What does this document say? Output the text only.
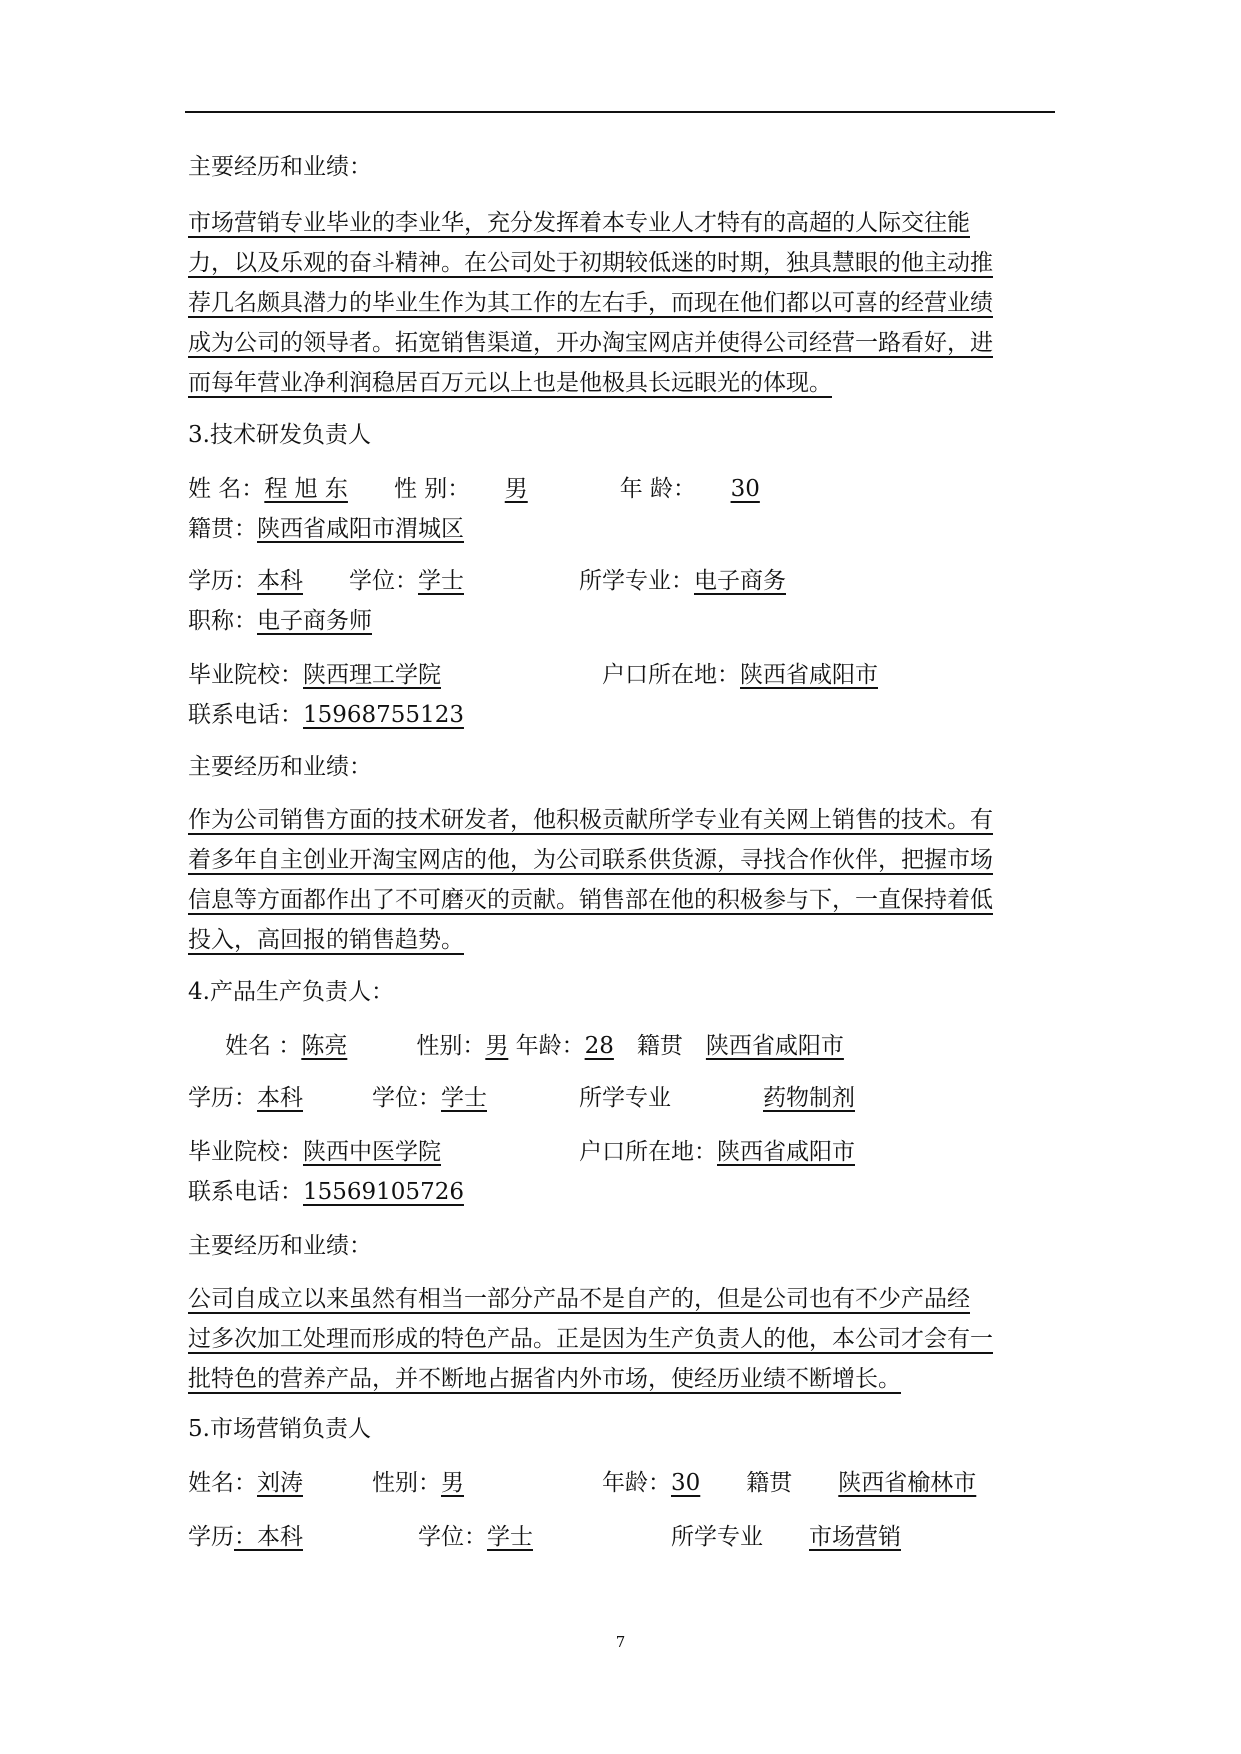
主要经历和业绩：
市场营销专业毕业的李业华，充分发挥着本专业人才特有的高超的人际交往能
力，以及乐观的奋斗精神。在公司处于初期较低迷的时期，独具慧眼的他主动推
荐几名颇具潜力的毕业生作为其工作的左右手，而现在他们都以可喜的经营业绩
成为公司的领导者。拓宽销售渠道，开办淘宝网店并使得公司经营一路看好，进
而每年营业净利润稳居百万元以上也是他极具长远眼光的体现。
3.技术研发负责人
姓 名：程 旭 东　　 性 别：　　 男　　　　	年 龄：　　 30
籍贯：陕西省咸阳市渭城区
学历：本科　　 学位：学士　　　　　	所学专业：电子商务
职称：电子商务师
毕业院校：陕西理工学院　　　　　　　	户口所在地：陕西省咸阳市
联系电话：15968755123
主要经历和业绩：
作为公司销售方面的技术研发者，他积极贡献所学专业有关网上销售的技术。有
着多年自主创业开淘宝网店的他，为公司联系供货源，寻找合作伙伴，把握市场
信息等方面都作出了不可磨灭的贡献。销售部在他的积极参与下，一直保持着低
投入，高回报的销售趋势。
4.产品生产负责人：
姓名 ：陈亮　　　	性别：男 年龄：28　 籍贯　 陕西省咸阳市
学历：本科　　　	学位：学士　　　　	所学专业　　　　	药物制剂
毕业院校：陕西中医学院　　　　　　	户口所在地：陕西省咸阳市
联系电话：15569105726
主要经历和业绩：
公司自成立以来虽然有相当一部分产品不是自产的，但是公司也有不少产品经
过多次加工处理而形成的特色产品。正是因为生产负责人的他，本公司才会有一
批特色的营养产品，并不断地占据省内外市场，使经历业绩不断增长。
5.市场营销负责人
姓名：刘涛　　　	性别：男　　　　　　	年龄：30　　 籍贯　　 陕西省榆林市
学历：本科　　　　　	学位：学士　　　　　　	所学专业　　 市场营销
7
